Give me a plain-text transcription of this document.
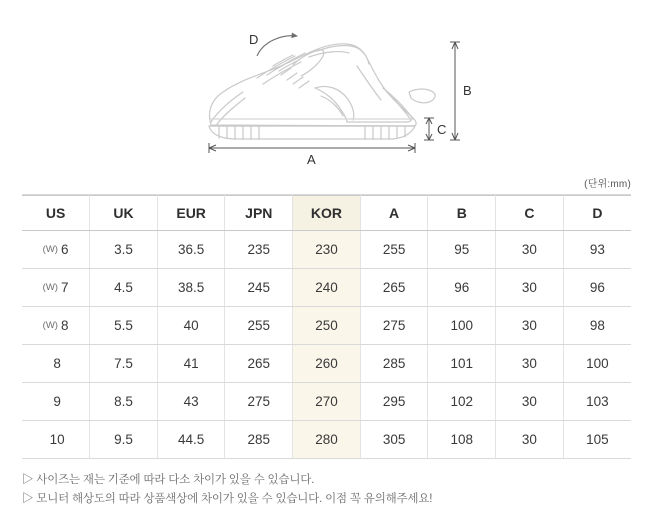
D
A
B
C
(단위:mm)
US	UK	EUR	JPN	KOR	A	B	C	D
(W) 6	3.5	36.5	235	230	255	95	30	93
(W) 7	4.5	38.5	245	240	265	96	30	96
(W) 8	5.5	40	255	250	275	100	30	98
8	7.5	41	265	260	285	101	30	100
9	8.5	43	275	270	295	102	30	103
10	9.5	44.5	285	280	305	108	30	105
▷ 사이즈는 재는 기준에 따라 다소 차이가 있을 수 있습니다.
▷ 모니터 해상도의 따라 상품색상에 차이가 있을 수 있습니다. 이점 꼭 유의해주세요!
